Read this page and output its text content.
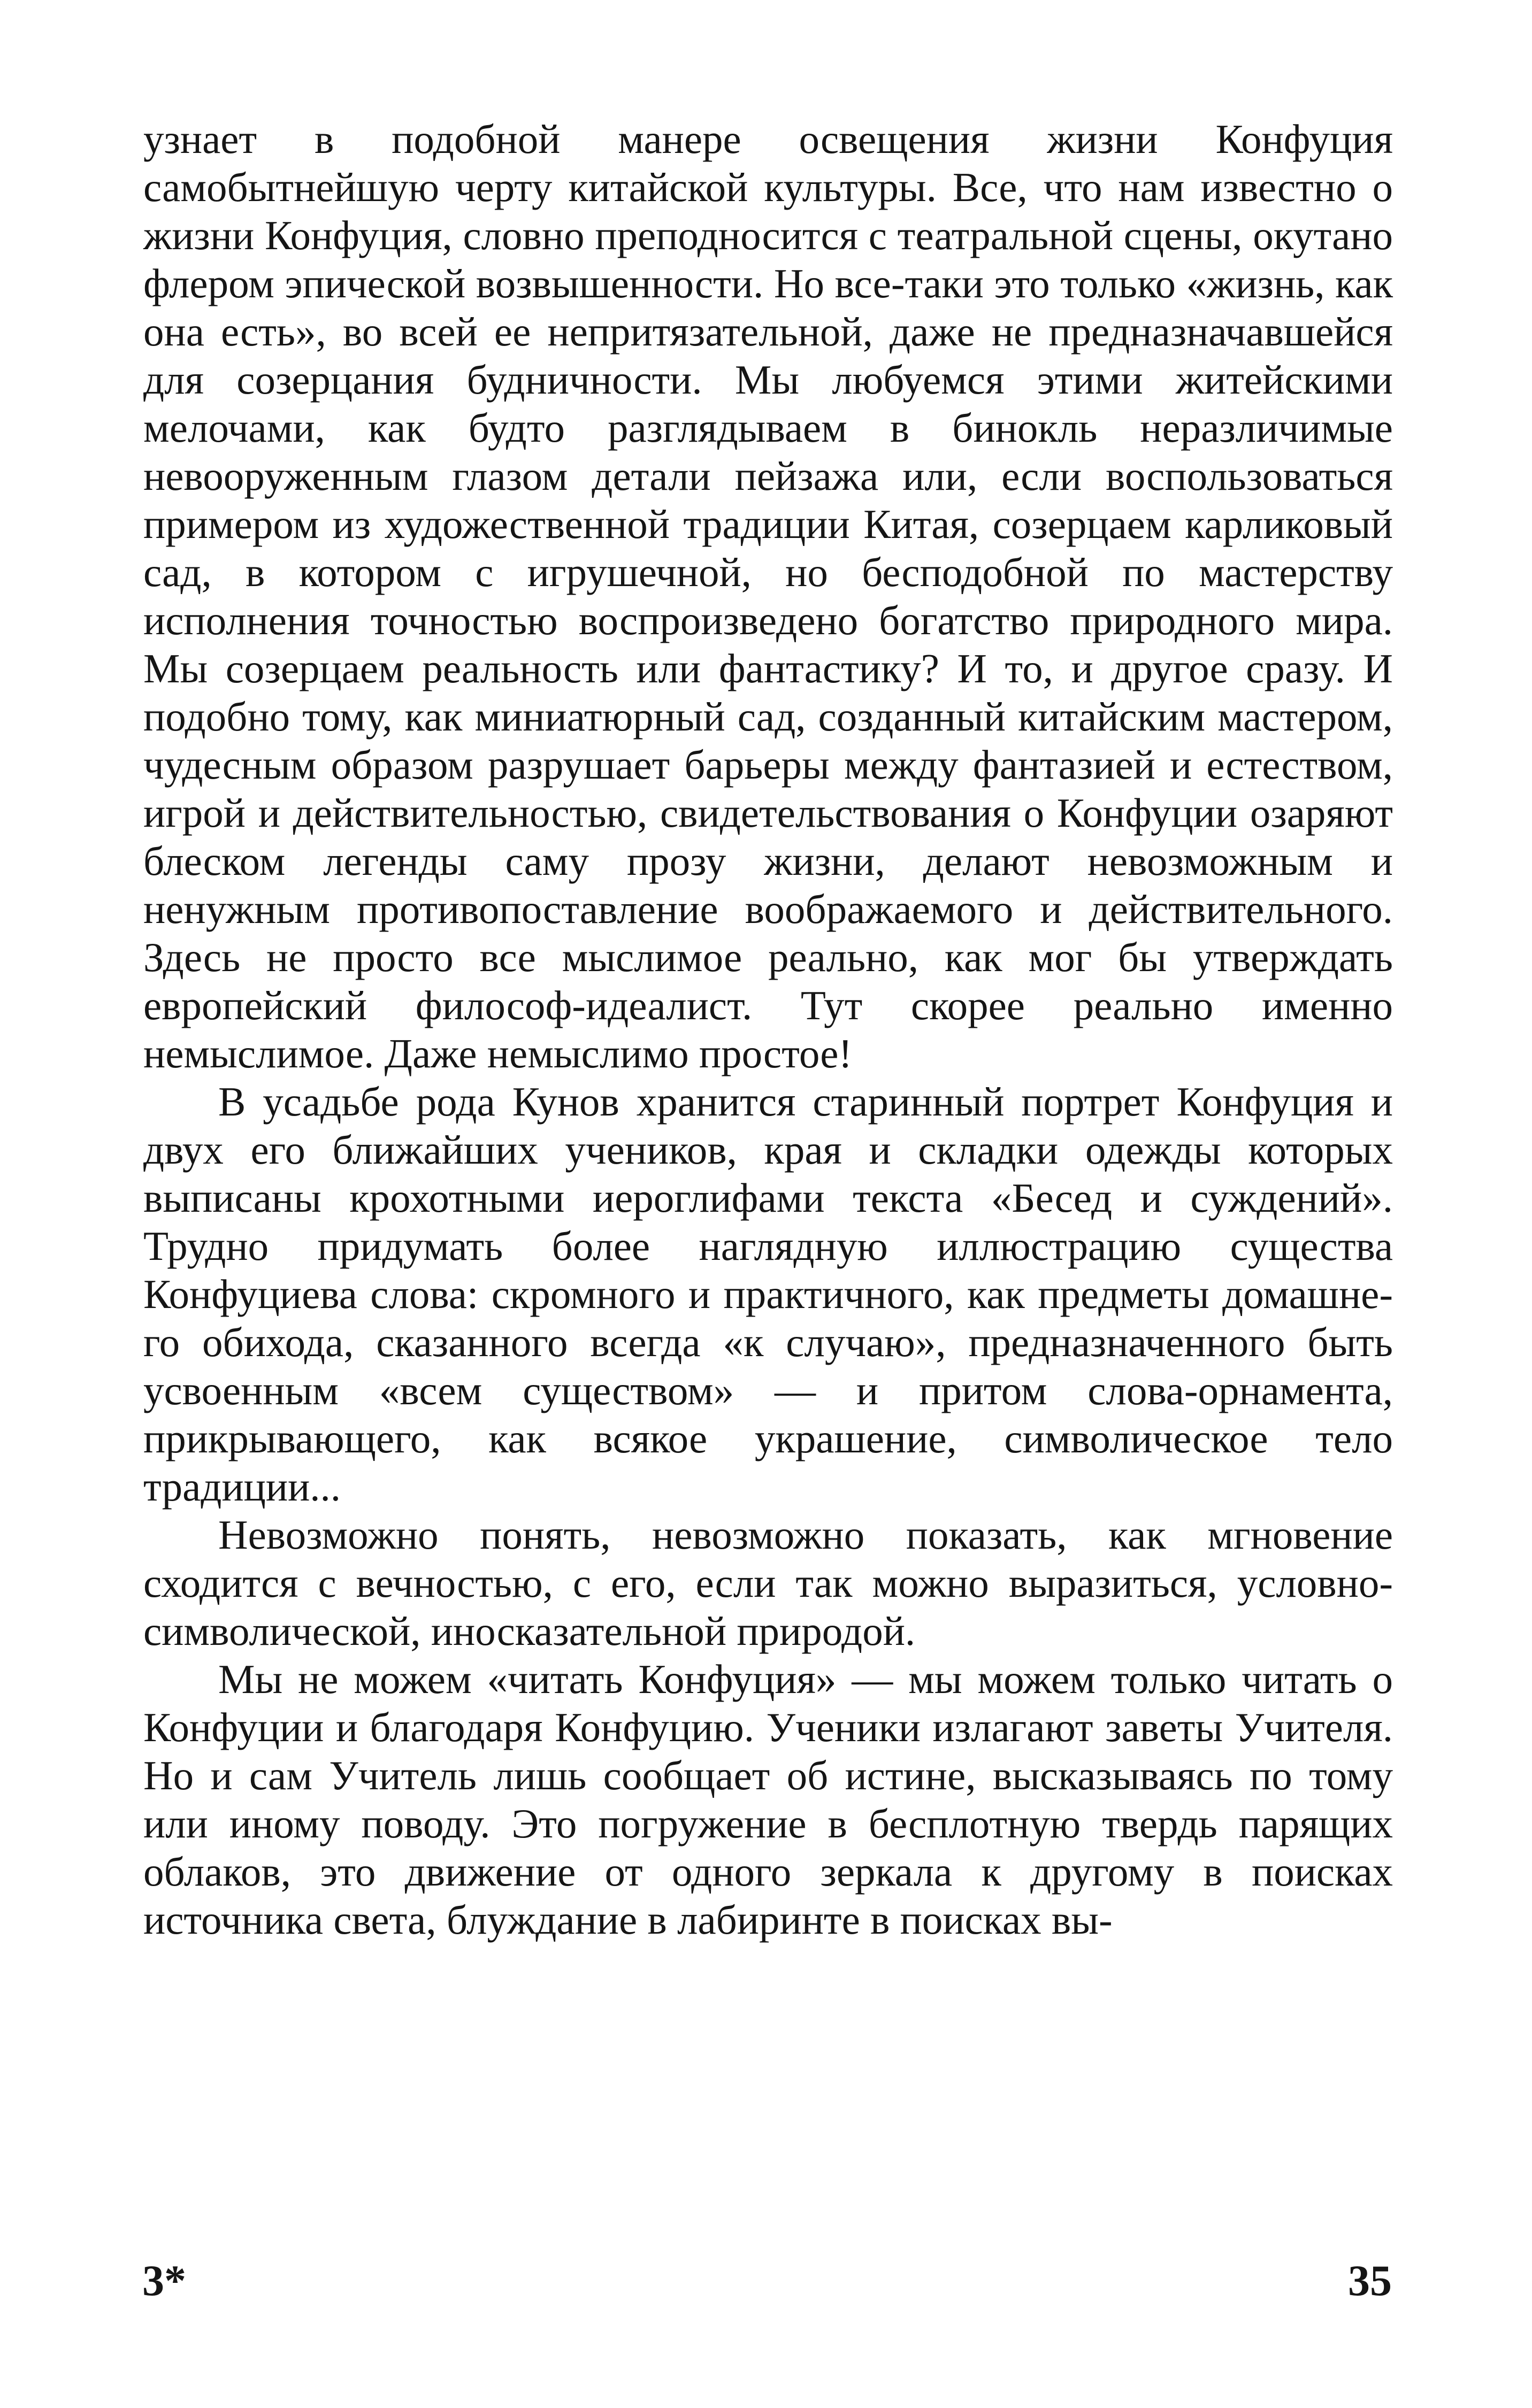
узнает в подобной манере освещения жизни Конфуция самобытнейшую черту китайской культуры. Все, что нам известно о жизни Конфуция, словно преподносится с театральной сцены, окутано флером эпической возвышенности. Но все-таки это только «жизнь, как она есть», во всей ее непритязательной, даже не предназначавшейся для созерцания будничности. Мы любуемся этими житейскими мелочами, как будто разглядываем в бинокль неразличимые невооруженным глазом детали пейзажа или, если воспользоваться примером из художественной традиции Китая, созерцаем карликовый сад, в котором с игрушечной, но бесподобной по мастерству исполнения точностью воспроизведено богатство природного мира. Мы созерцаем реальность или фантастику? И то, и другое сразу. И подобно тому, как миниатюрный сад, созданный китайским мастером, чудесным образом разрушает барьеры между фантазией и естеством, игрой и действительностью, свидетельствования о Конфуции озаряют блеском легенды саму прозу жизни, делают невозможным и ненужным противопоставление воображаемого и действительного. Здесь не просто все мыслимое реально, как мог бы утверждать европейский философ-идеалист. Тут скорее реально именно немыслимое. Даже немыслимо простое!

В усадьбе рода Кунов хранится старинный портрет Конфуция и двух его ближайших учеников, края и складки одежды которых выписаны крохотными иероглифами текста «Бесед и суждений». Трудно придумать более наглядную иллюстрацию существа Конфуциева слова: скромного и практичного, как предметы домашнего обихода, сказанного всегда «к случаю», предназначенного быть усвоенным «всем существом» — и притом слова-орнамента, прикрывающего, как всякое украшение, символическое тело традиции...

Невозможно понять, невозможно показать, как мгновение сходится с вечностью, с его, если так можно выразиться, условно-символической, иносказательной природой.

Мы не можем «читать Конфуция» — мы можем только читать о Конфуции и благодаря Конфуцию. Ученики излагают заветы Учителя. Но и сам Учитель лишь сообщает об истине, высказываясь по тому или иному поводу. Это погружение в бесплотную твердь парящих облаков, это движение от одного зеркала к другому в поисках источника света, блуждание в лабиринте в поисках вы-

3*	35
